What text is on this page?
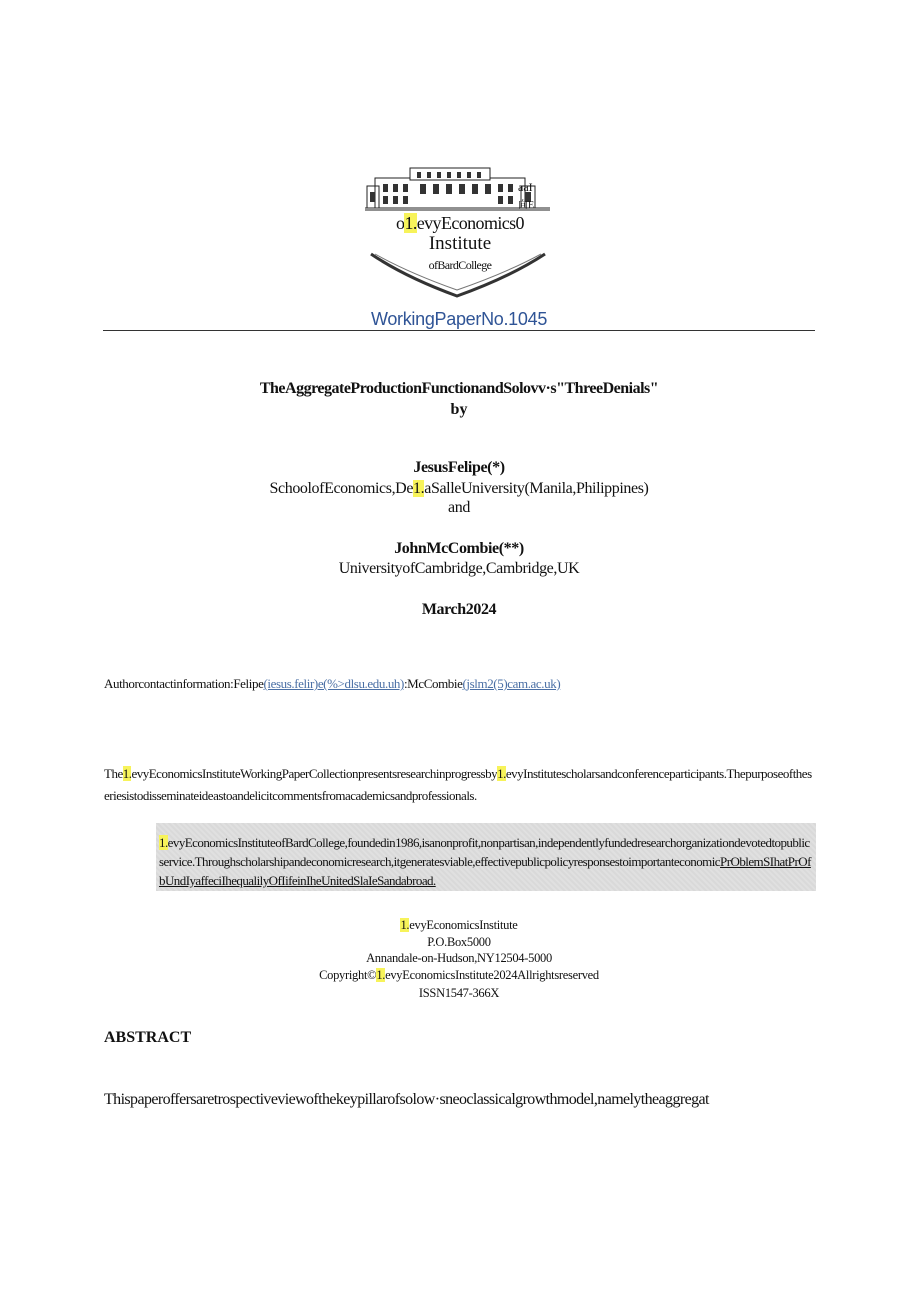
aaI
向E
o1.evyEconomics0
Institute
ofBardCollege
WorkingPaperNo.1045
TheAggregateProductionFunctionandSolovv·s"ThreeDenials"
by
JesusFelipe(*)
SchoolofEconomics,De1.aSalleUniversity(Manila,Philippines)
and
JohnMcCombie(**)
UniversityofCambridge,Cambridge,UK
March2024
Authorcontactinformation:Felipe(iesus.felir)e(%>dlsu.edu.uh):McCombie(jslm2(5)cam.ac.uk)
The1.evyEconomicsInstituteWorkingPaperCollectionpresentsresearchinprogressby1.evyInstitutescholarsandconferenceparticipants.Thepurposeoftheseriesistodisseminateideastoandelicitcommentsfromacademicsandprofessionals.
1.evyEconomicsInstituteofBardCollege,foundedin1986,isanonprofit,nonpartisan,independentlyfundedresearchorganizationdevotedtopublicservice.Throughscholarshipandeconomicresearch,itgeneratesviable,effectivepublicpolicyresponsestoimportanteconomicPrOblemSIhatPrOfbUndIyaffeciIhequalilyOfIifeinIheUnitedSlaIeSandabroad.
1.evyEconomicsInstitute
P.O.Box5000
Annandale-on-Hudson,NY12504-5000
Copyright©1.evyEconomicsInstitute2024Allrightsreserved
ISSN1547-366X
ABSTRACT
Thispaperoffersaretrospectiveviewofthekeypillarofsolow·sneoclassicalgrowthmodel,namelytheaggregat
